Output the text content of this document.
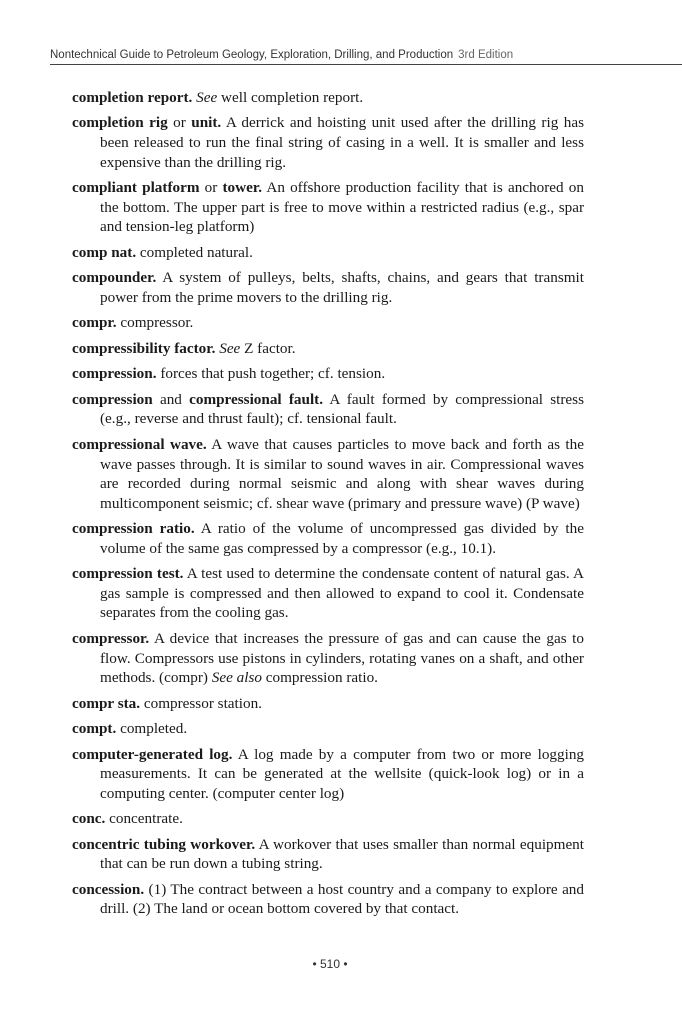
Nontechnical Guide to Petroleum Geology, Exploration, Drilling, and Production 3rd Edition

completion report. See well completion report.

completion rig or unit. A derrick and hoisting unit used after the drilling rig has been released to run the final string of casing in a well. It is smaller and less expensive than the drilling rig.

compliant platform or tower. An offshore production facility that is anchored on the bottom. The upper part is free to move within a restricted radius (e.g., spar and tension-leg platform)

comp nat. completed natural.

compounder. A system of pulleys, belts, shafts, chains, and gears that transmit power from the prime movers to the drilling rig.

compr. compressor.

compressibility factor. See Z factor.

compression. forces that push together; cf. tension.

compression and compressional fault. A fault formed by compressional stress (e.g., reverse and thrust fault); cf. tensional fault.

compressional wave. A wave that causes particles to move back and forth as the wave passes through. It is similar to sound waves in air. Compressional waves are recorded during normal seismic and along with shear waves during multicomponent seismic; cf. shear wave (primary and pressure wave) (P wave)

compression ratio. A ratio of the volume of uncompressed gas divided by the volume of the same gas compressed by a compressor (e.g., 10.1).

compression test. A test used to determine the condensate content of natural gas. A gas sample is compressed and then allowed to expand to cool it. Condensate separates from the cooling gas.

compressor. A device that increases the pressure of gas and can cause the gas to flow. Compressors use pistons in cylinders, rotating vanes on a shaft, and other methods. (compr) See also compression ratio.

compr sta. compressor station.

compt. completed.

computer-generated log. A log made by a computer from two or more logging measurements. It can be generated at the wellsite (quick-look log) or in a computing center. (computer center log)

conc. concentrate.

concentric tubing workover. A workover that uses smaller than normal equipment that can be run down a tubing string.

concession. (1) The contract between a host country and a company to explore and drill. (2) The land or ocean bottom covered by that contact.

• 510 •
